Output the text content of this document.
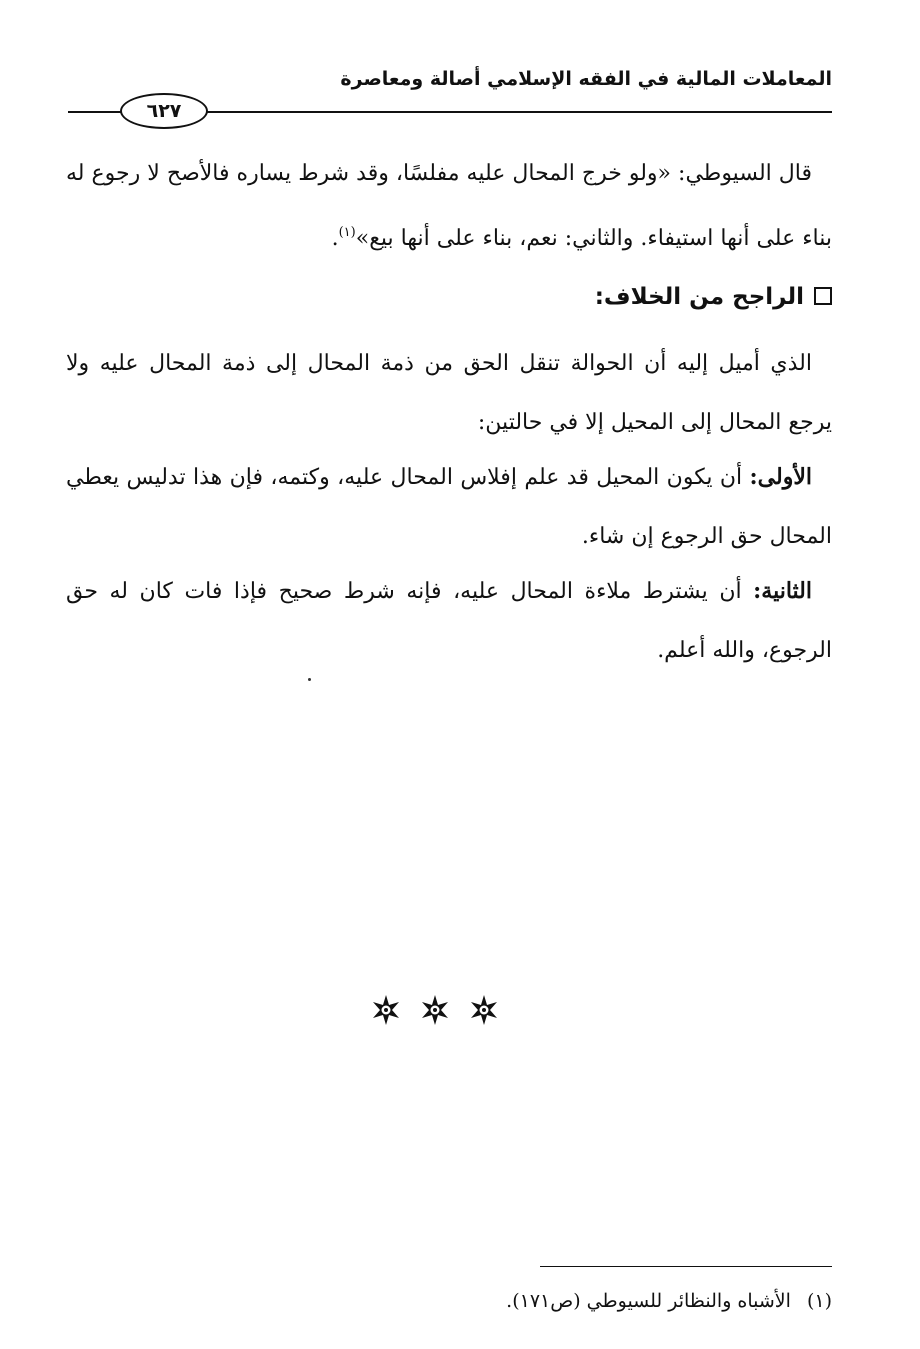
المعاملات المالية في الفقه الإسلامي أصالة ومعاصرة
٦٢٧

قال السيوطي: «ولو خرج المحال عليه مفلسًا، وقد شرط يساره فالأصح لا رجوع له بناء على أنها استيفاء. والثاني: نعم، بناء على أنها بيع»$^{(١)}$.

الراجح من الخلاف:

الذي أميل إليه أن الحوالة تنقل الحق من ذمة المحال إلى ذمة المحال عليه ولا يرجع المحال إلى المحيل إلا في حالتين:

الأولى: أن يكون المحيل قد علم إفلاس المحال عليه، وكتمه، فإن هذا تدليس يعطي المحال حق الرجوع إن شاء.

الثانية: أن يشترط ملاءة المحال عليه، فإنه شرط صحيح فإذا فات كان له حق الرجوع، والله أعلم.

(١)الأشباه والنظائر للسيوطي (ص١٧١).
